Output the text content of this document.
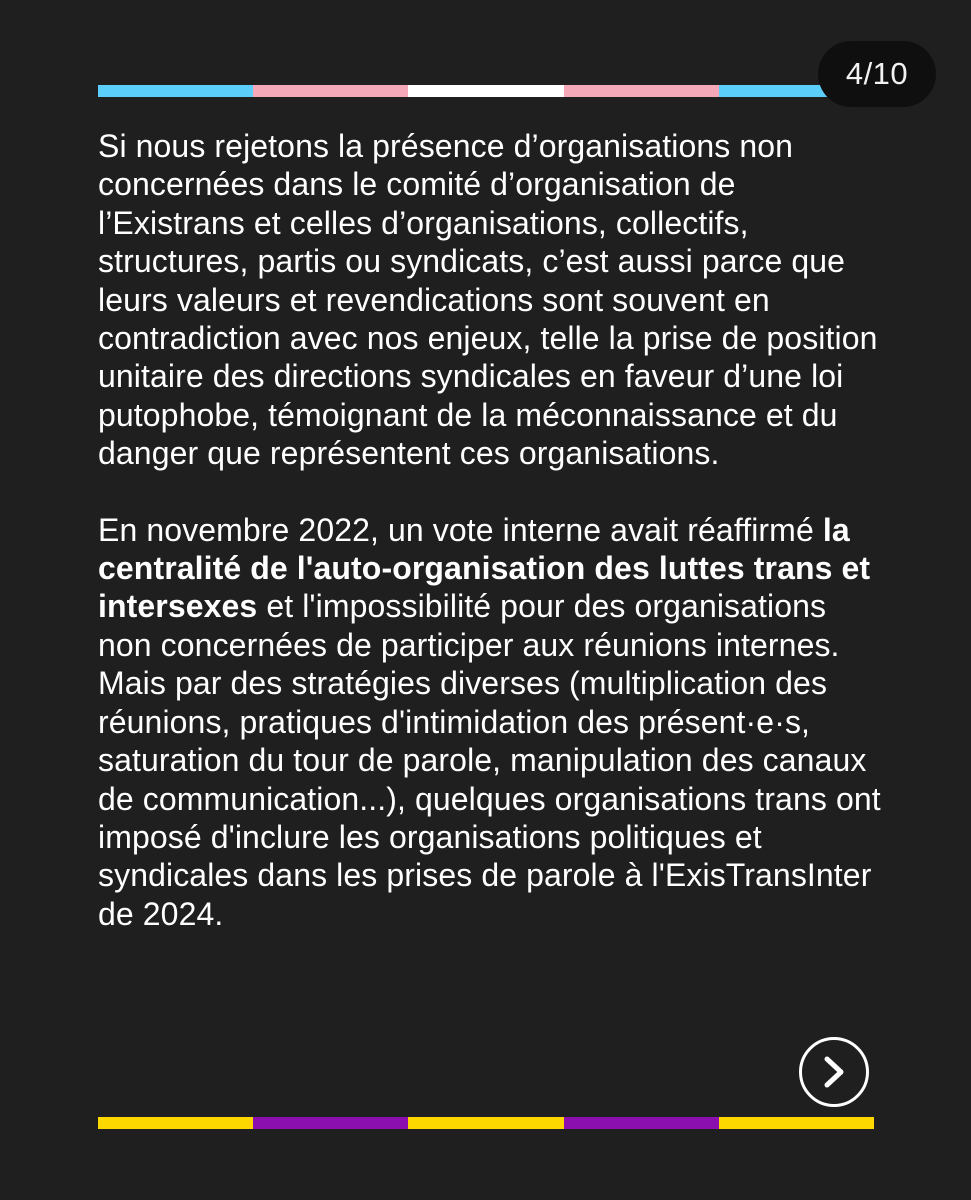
4/10

Si nous rejetons la présence d’organisations non concernées dans le comité d’organisation de l’Existrans et celles d’organisations, collectifs, structures, partis ou syndicats, c’est aussi parce que leurs valeurs et revendications sont souvent en contradiction avec nos enjeux, telle la prise de position unitaire des directions syndicales en faveur d’une loi putophobe, témoignant de la méconnaissance et du danger que représentent ces organisations.

En novembre 2022, un vote interne avait réaffirmé la centralité de l'auto-organisation des luttes trans et intersexes et l'impossibilité pour des organisations non concernées de participer aux réunions internes.

Mais par des stratégies diverses (multiplication des réunions, pratiques d'intimidation des présent·e·s, saturation du tour de parole, manipulation des canaux de communication...), quelques organisations trans ont imposé d'inclure les organisations politiques et syndicales dans les prises de parole à l'ExisTransInter de 2024.
